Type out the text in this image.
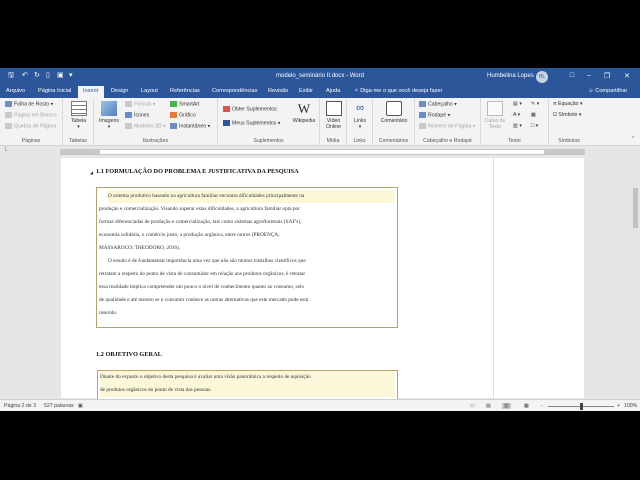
🖫 ↶ ↻ ▯ ▣ ▾	modelo_seminário II.docx - Word	Humbelina Lopes	HL	□	–	❐	✕
Arquivo Página Inicial	Inserir	Design Layout Referências Correspondências Revisão Exibir Ajuda ✧ Diga-me o que você deseja fazer	☺ Compartilhar
Folha de Rosto ▾
Página em Branco
Quebra de Página
Páginas
Tabela
▾
Tabelas
Imagens
▾
Formas ▾
Ícones
Modelos 3D ▾
SmartArt
Gráfico
Instantâneo ▾
Ilustrações
Obter Suplementos
Meus Suplementos ▾
W
Wikipedia
Suplementos
Vídeo Online
Mídia
∞
Links
▾
Links
Comentário
Comentários
Cabeçalho ▾
Rodapé ▾
Número de Página ▾
Cabeçalho e Rodapé
Caixa de Texto
▤ ▾
A ▾
▥ ▾
✎ ▾
▦
□ ▾
Texto
π Equação ▾
Ω Símbolo ▾
Símbolos	⌃
└
◢ 1.1 FORMULAÇÃO DO PROBLEMA E JUSTIFICATIVA DA PESQUISA
O sistema produtivo baseado na agricultura familiar encontra dificuldades principalmente na
produção e comercialização. Visando superar estas dificuldades, a agricultura familiar opta por
formas diferenciadas de produção e comercialização, tais como sistemas agroflorestais (SAF's),
economia solidária, o comércio justo, a produção orgânica, entre outros (PROENÇA;
MASSAROCO; THEODORO, 2016).
O estudo é de fundamental importância uma vez que não são muitos trabalhos científicos que
retratam a respeito do ponto de vista do consumidor em relação aos produtos orgânicos, é retratar
essa realidade implica compreender um pouco o nível de conhecimento quanto ao consumo, selo
de qualidade e até mesmo se o consumir conhece as outras alternativas que este mercado pode está
inserido.
1.2 OBJETIVO GERAL
Diante do exposto o objetivo desta pesquisa é avaliar uma visão panorâmica a respeito de aquisição
de produtos orgânicos do ponto de vista das pessoas.
Página 2 de 3 527 palavras ▣	▭ ▤	▥	▦ -	+ 100%
